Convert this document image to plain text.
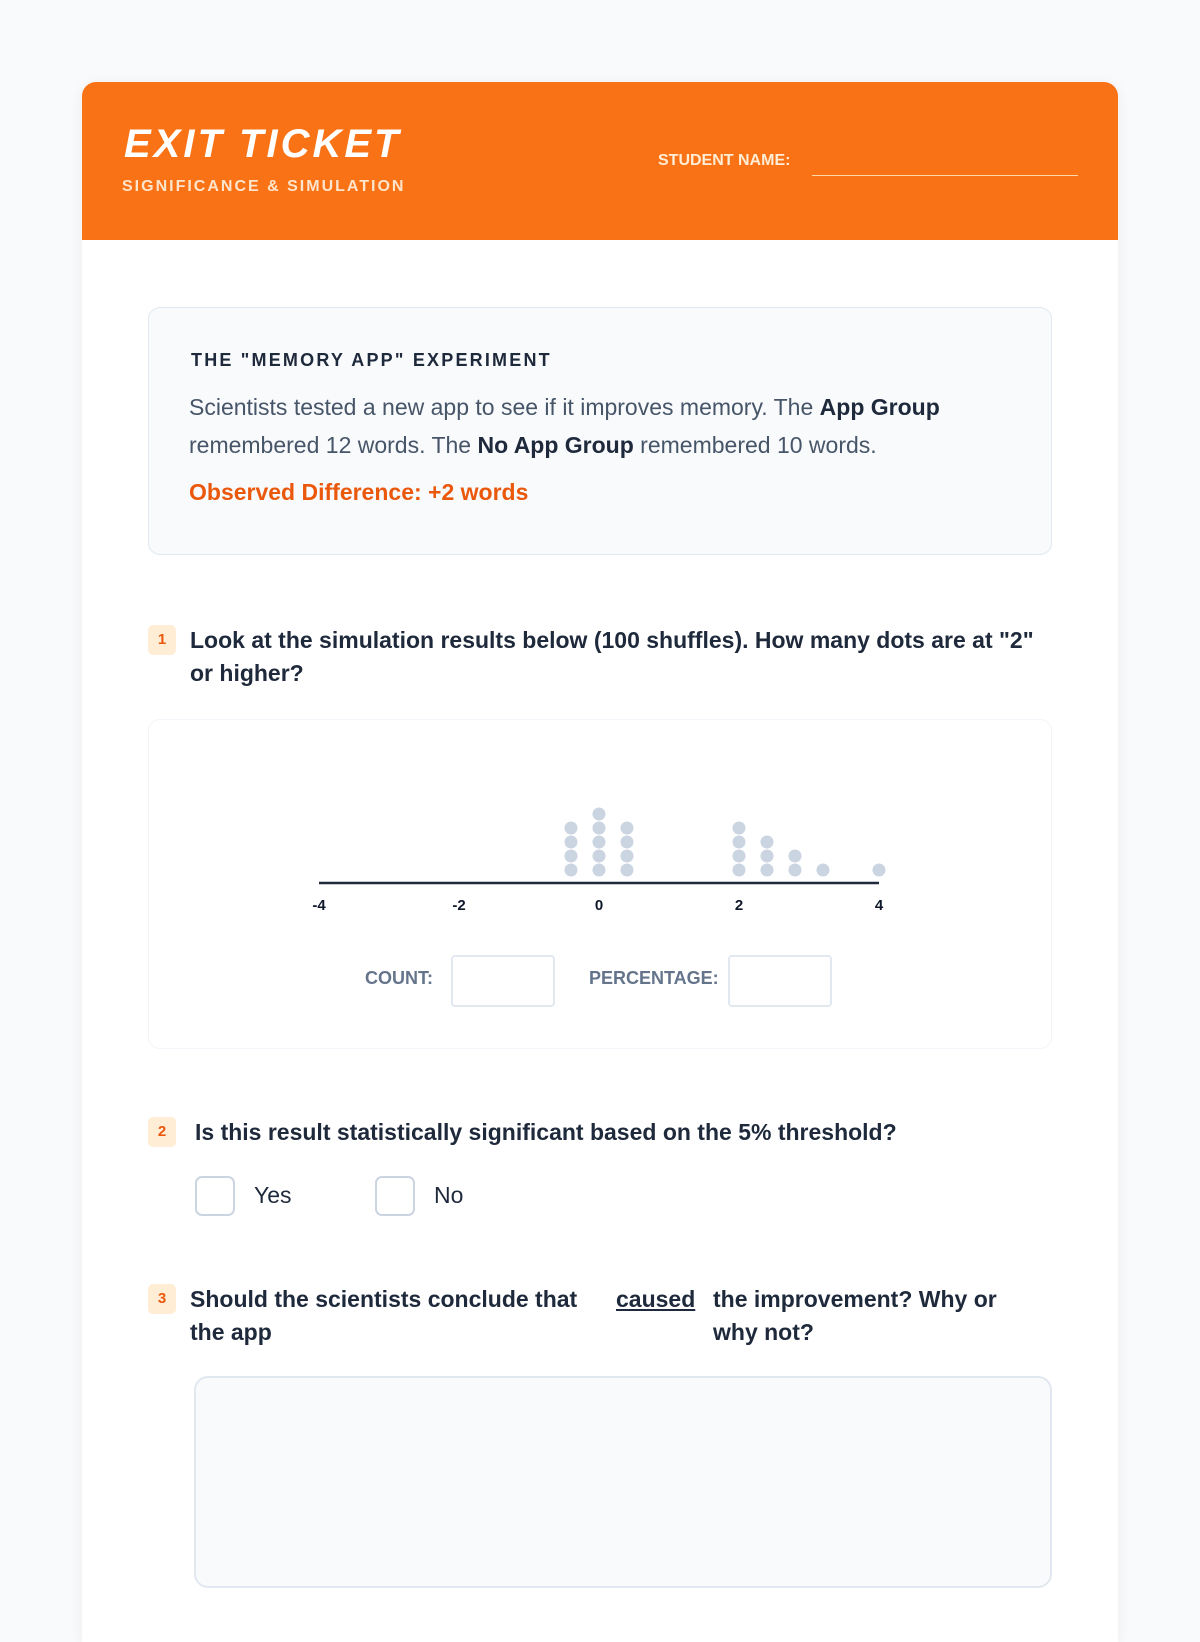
EXIT TICKET
SIGNIFICANCE & SIMULATION
STUDENT NAME:
THE "MEMORY APP" EXPERIMENT
Scientists tested a new app to see if it improves memory. The App Group remembered 12 words. The No App Group remembered 10 words.
Observed Difference: +2 words
1	Look at the simulation results below (100 shuffles). How many dots are at "2" or higher?
-4	-2	0	2	4
COUNT:	PERCENTAGE:
2	Is this result statistically significant based on the 5% threshold?
Yes	No
3	Should the scientists conclude that the app
caused the improvement? Why or why not?
